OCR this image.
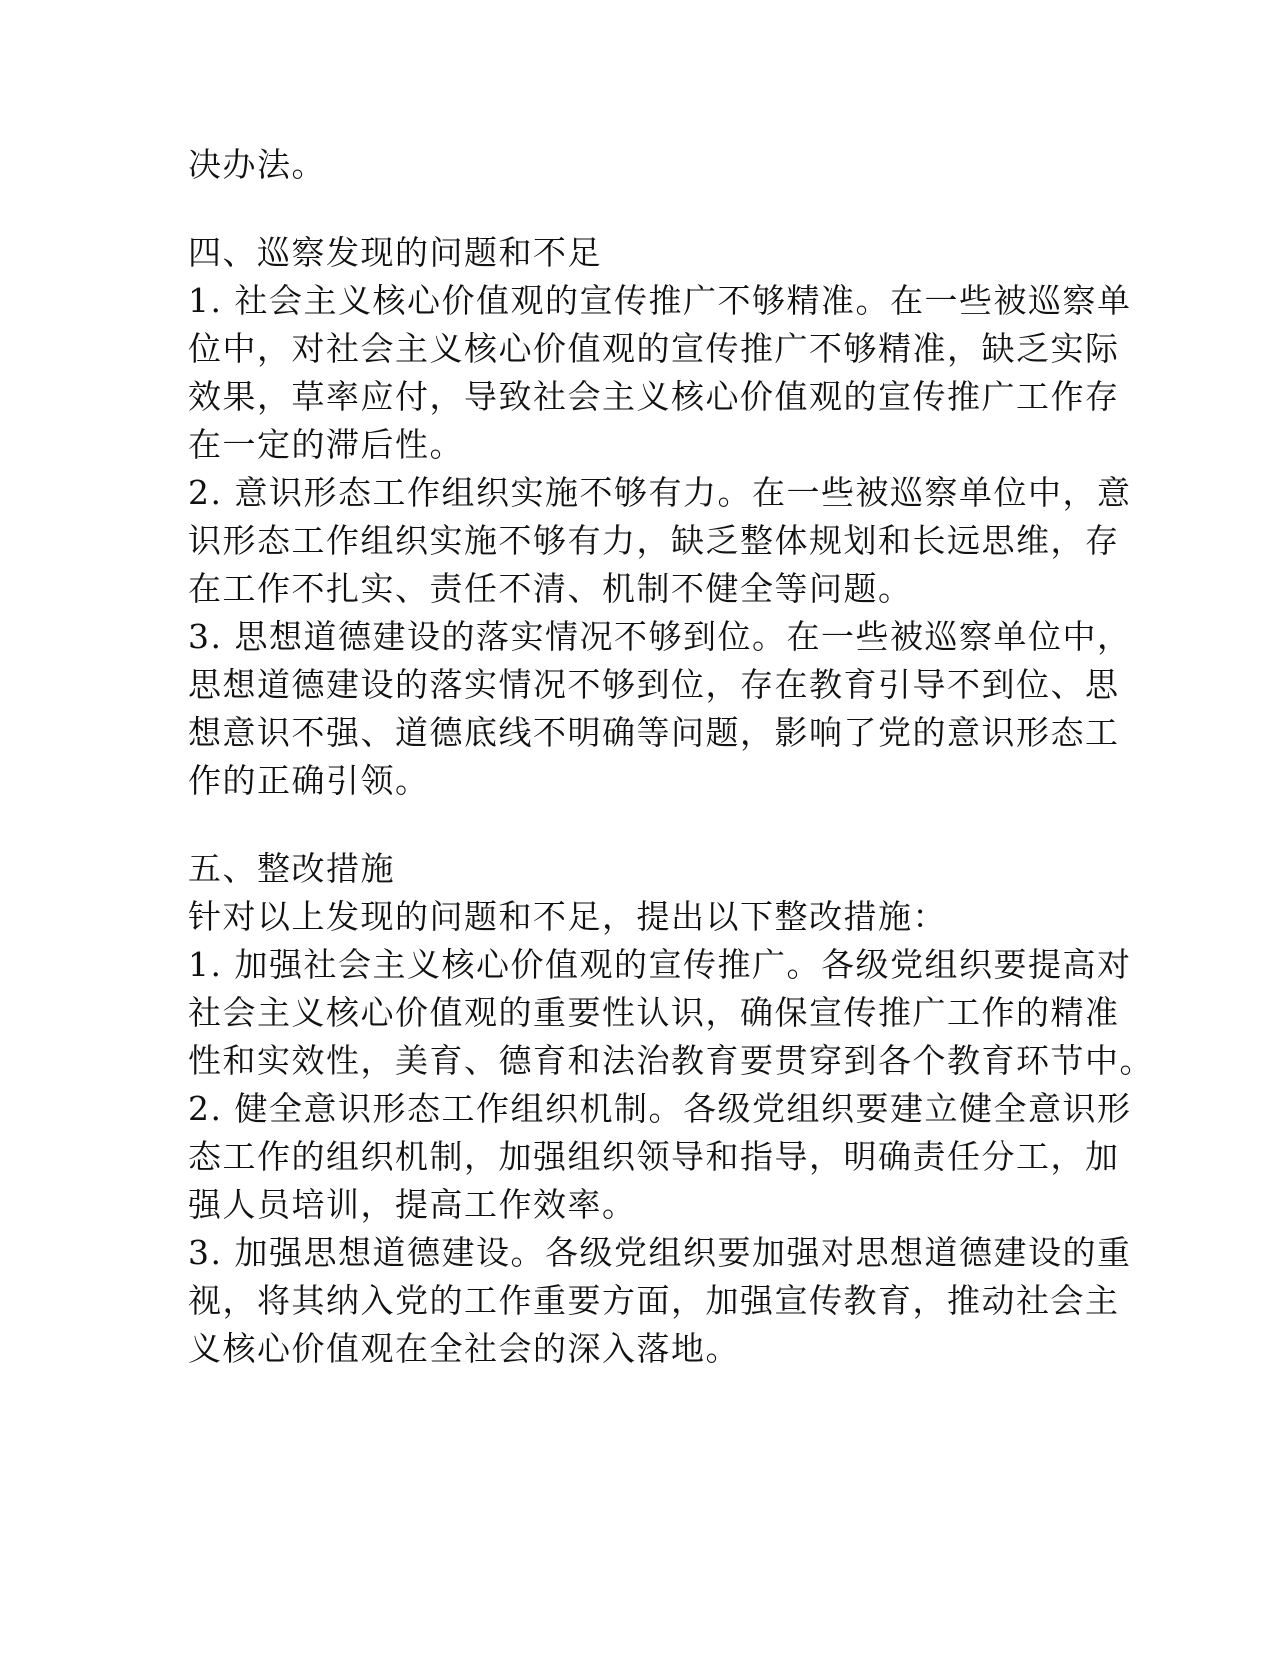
决办法。
四、巡察发现的问题和不足
1. 社会主义核心价值观的宣传推广不够精准。在一些被巡察单
位中，对社会主义核心价值观的宣传推广不够精准，缺乏实际
效果，草率应付，导致社会主义核心价值观的宣传推广工作存
在一定的滞后性。
2. 意识形态工作组织实施不够有力。在一些被巡察单位中，意
识形态工作组织实施不够有力，缺乏整体规划和长远思维，存
在工作不扎实、责任不清、机制不健全等问题。
3. 思想道德建设的落实情况不够到位。在一些被巡察单位中，
思想道德建设的落实情况不够到位，存在教育引导不到位、思
想意识不强、道德底线不明确等问题，影响了党的意识形态工
作的正确引领。
五、整改措施
针对以上发现的问题和不足，提出以下整改措施：
1. 加强社会主义核心价值观的宣传推广。各级党组织要提高对
社会主义核心价值观的重要性认识，确保宣传推广工作的精准
性和实效性，美育、德育和法治教育要贯穿到各个教育环节中。
2. 健全意识形态工作组织机制。各级党组织要建立健全意识形
态工作的组织机制，加强组织领导和指导，明确责任分工，加
强人员培训，提高工作效率。
3. 加强思想道德建设。各级党组织要加强对思想道德建设的重
视，将其纳入党的工作重要方面，加强宣传教育，推动社会主
义核心价值观在全社会的深入落地。
